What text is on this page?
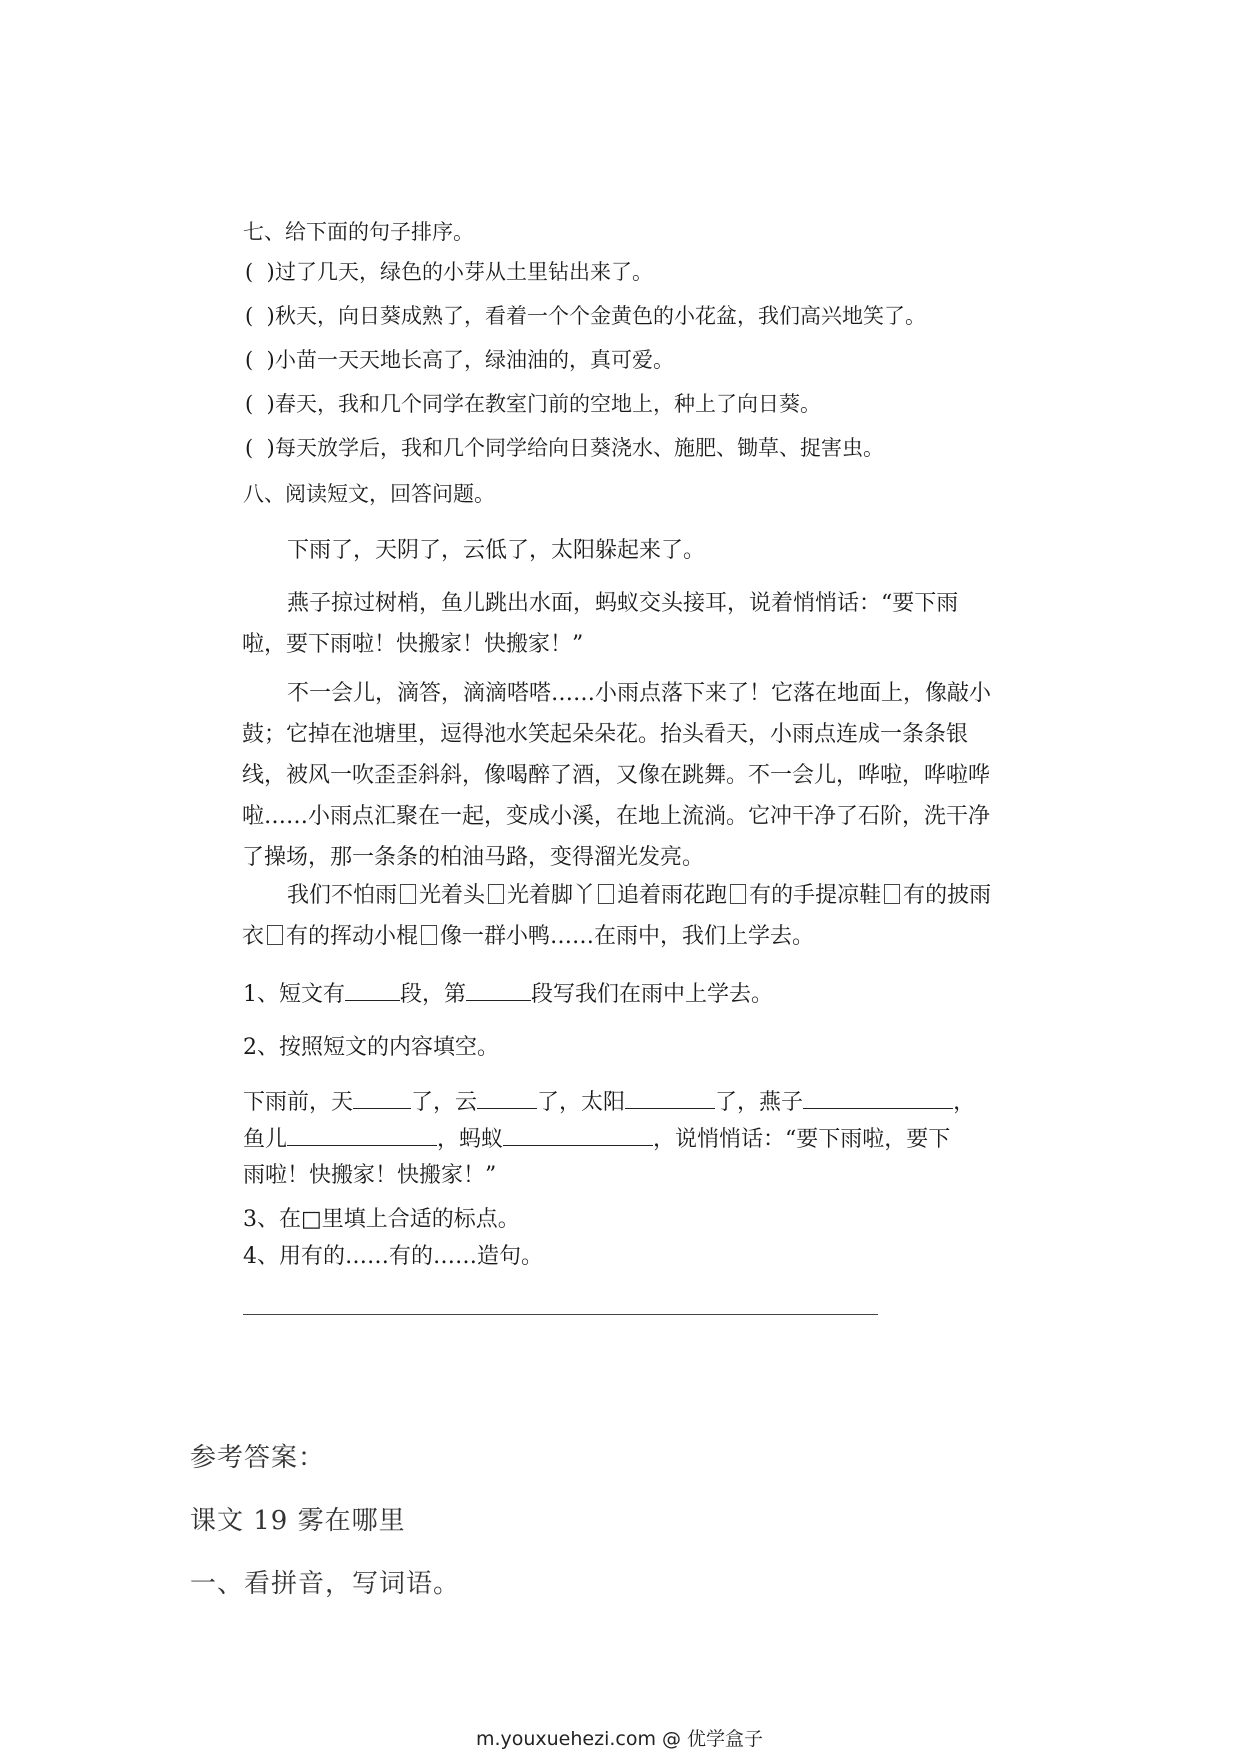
七、给下面的句子排序。
(  )过了几天，绿色的小芽从土里钻出来了。
(  )秋天，向日葵成熟了，看着一个个金黄色的小花盆，我们高兴地笑了。
(  )小苗一天天地长高了，绿油油的，真可爱。
(  )春天，我和几个同学在教室门前的空地上，种上了向日葵。
(  )每天放学后，我和几个同学给向日葵浇水、施肥、锄草、捉害虫。
八、阅读短文，回答问题。
下雨了，天阴了，云低了，太阳躲起来了。
燕子掠过树梢，鱼儿跳出水面，蚂蚁交头接耳，说着悄悄话：“要下雨啦，要下雨啦！快搬家！快搬家！”
不一会儿，滴答，滴滴嗒嗒……小雨点落下来了！它落在地面上，像敲小鼓；它掉在池塘里，逗得池水笑起朵朵花。抬头看天，小雨点连成一条条银线，被风一吹歪歪斜斜，像喝醉了酒，又像在跳舞。不一会儿，哗啦，哗啦哗啦……小雨点汇聚在一起，变成小溪，在地上流淌。它冲干净了石阶，洗干净了操场，那一条条的柏油马路，变得溜光发亮。
我们不怕雨 光着头 光着脚丫 追着雨花跑 有的手提凉鞋 有的披雨衣 有的挥动小棍 像一群小鸭……在雨中，我们上学去。
1、短文有	段，第	段写我们在雨中上学去。
2、按照短文的内容填空。
下雨前，天	了，云	了，太阳	了，燕子	，
鱼儿	，蚂蚁	，说悄悄话：“要下雨啦，要下
雨啦！快搬家！快搬家！”
3、在□里填上合适的标点。
4、用有的……有的……造句。
参考答案：
课文 19 雾在哪里
一、看拼音，写词语。
m.youxuehezi.com @ 优学盒子
